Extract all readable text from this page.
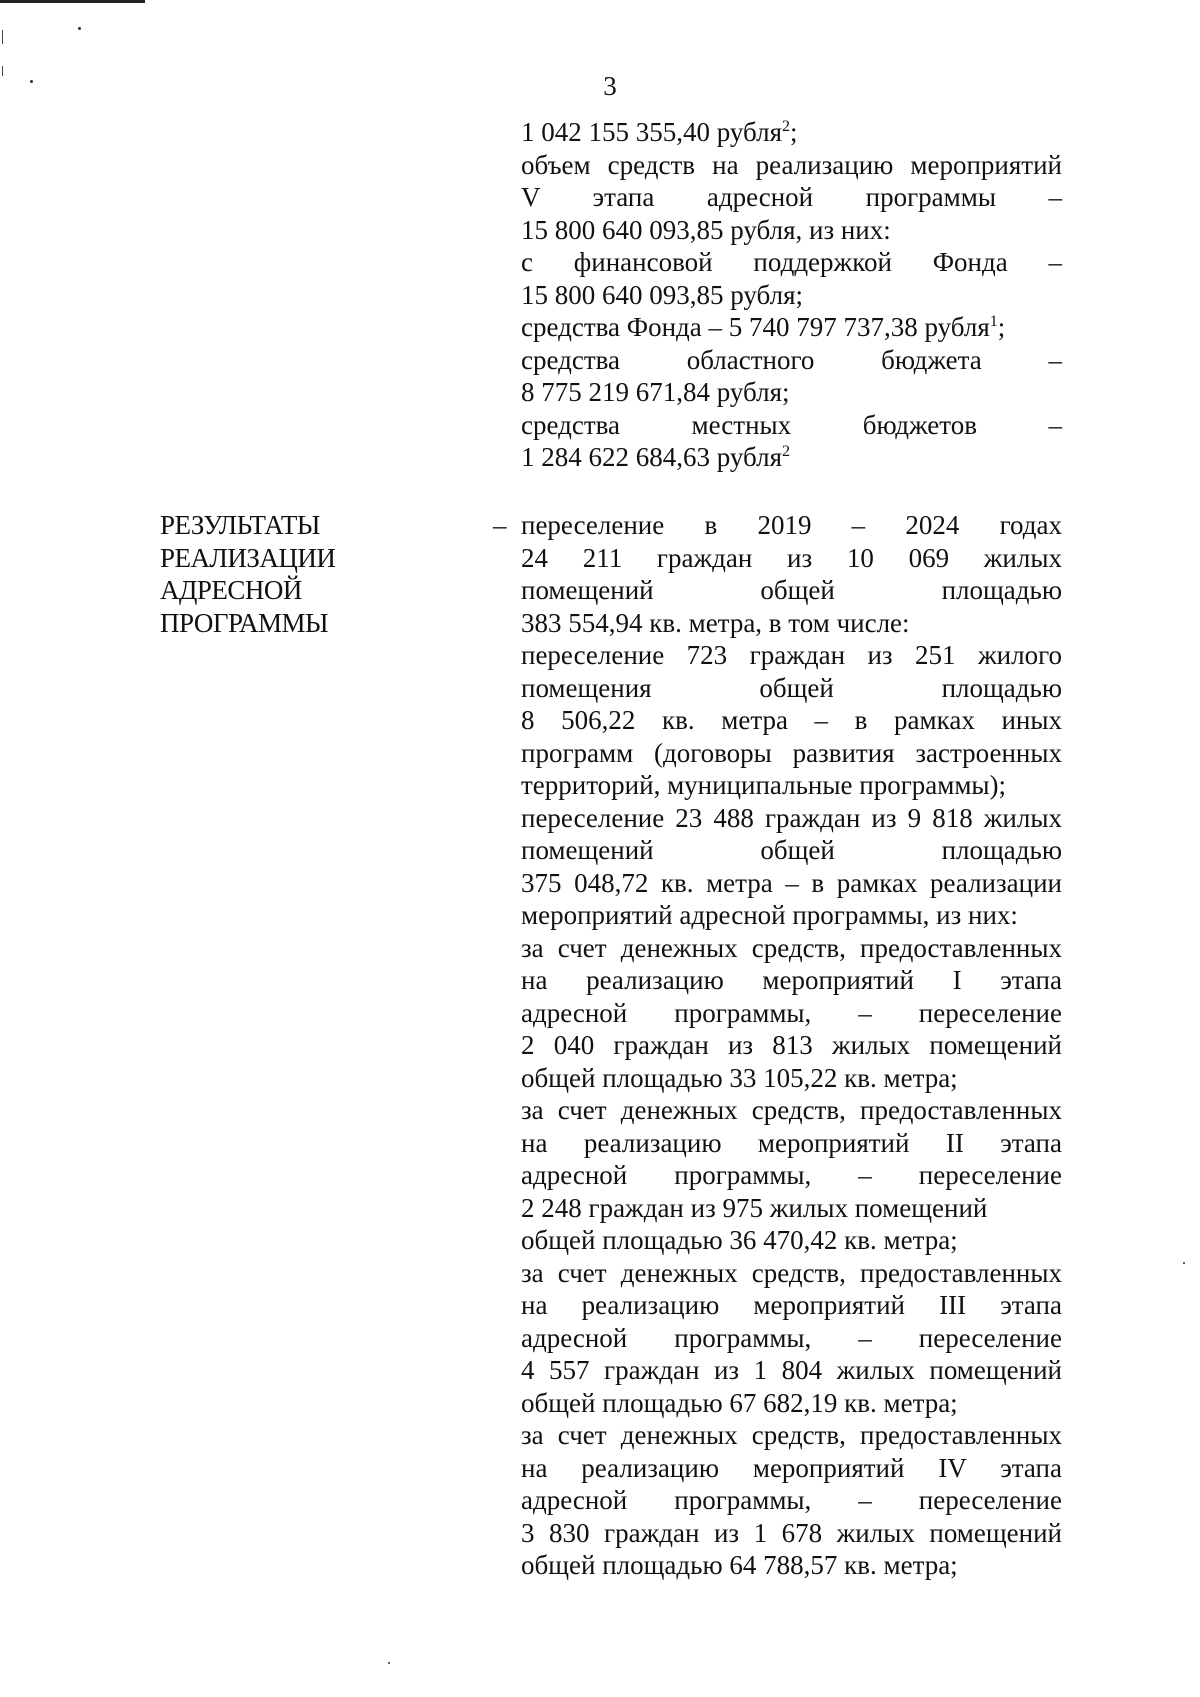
3
1 042 155 355,40 рубля$^2$;
объем средств на реализацию мероприятий
V этапа адресной программы –
15 800 640 093,85 рубля, из них:
с финансовой поддержкой Фонда –
15 800 640 093,85 рубля;
средства Фонда – 5 740 797 737,38 рубля$^1$;
средства областного бюджета –
8 775 219 671,84 рубля;
средства местных бюджетов –
1 284 622 684,63 рубля$^2$
РЕЗУЛЬТАТЫ
РЕАЛИЗАЦИИ
АДРЕСНОЙ
ПРОГРАММЫ
– переселение в 2019 – 2024 годах
24 211 граждан из 10 069 жилых
помещений общей площадью
383 554,94 кв. метра, в том числе:
переселение 723 граждан из 251 жилого
помещения общей площадью
8 506,22 кв. метра – в рамках иных
программ (договоры развития застроенных
территорий, муниципальные программы);
переселение 23 488 граждан из 9 818 жилых
помещений общей площадью
375 048,72 кв. метра – в рамках реализации
мероприятий адресной программы, из них:
за счет денежных средств, предоставленных
на реализацию мероприятий I этапа
адресной программы, – переселение
2 040 граждан из 813 жилых помещений
общей площадью 33 105,22 кв. метра;
за счет денежных средств, предоставленных
на реализацию мероприятий II этапа
адресной программы, – переселение
2 248 граждан из 975 жилых помещений
общей площадью 36 470,42 кв. метра;
за счет денежных средств, предоставленных
на реализацию мероприятий III этапа
адресной программы, – переселение
4 557 граждан из 1 804 жилых помещений
общей площадью 67 682,19 кв. метра;
за счет денежных средств, предоставленных
на реализацию мероприятий IV этапа
адресной программы, – переселение
3 830 граждан из 1 678 жилых помещений
общей площадью 64 788,57 кв. метра;
